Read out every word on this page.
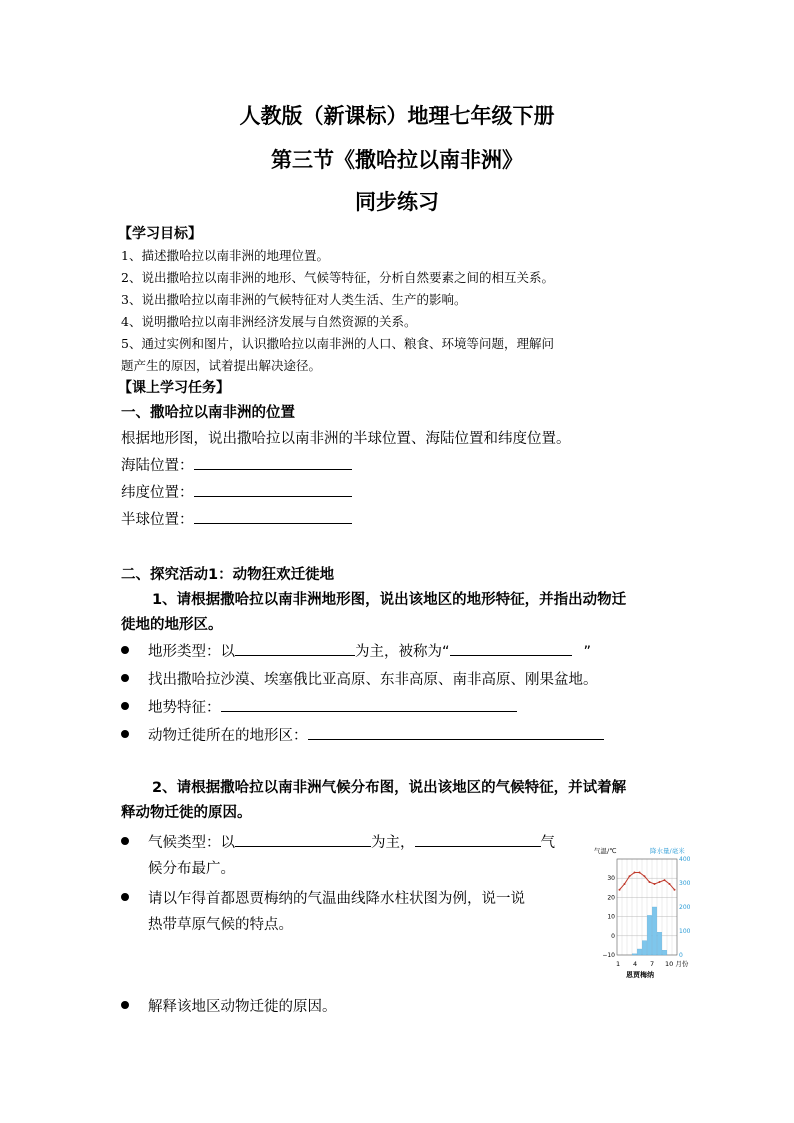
人教版（新课标）地理七年级下册
第三节《撒哈拉以南非洲》
同步练习
【学习目标】
1、描述撒哈拉以南非洲的地理位置。
2、说出撒哈拉以南非洲的地形、气候等特征，分析自然要素之间的相互关系。
3、说出撒哈拉以南非洲的气候特征对人类生活、生产的影响。
4、说明撒哈拉以南非洲经济发展与自然资源的关系。
5、通过实例和图片，认识撒哈拉以南非洲的人口、粮食、环境等问题，理解问
题产生的原因，试着提出解决途径。
【课上学习任务】
一、撒哈拉以南非洲的位置
根据地形图，说出撒哈拉以南非洲的半球位置、海陆位置和纬度位置。
海陆位置：
纬度位置：
半球位置：
二、探究活动1：动物狂欢迁徙地
1、请根据撒哈拉以南非洲地形图，说出该地区的地形特征，并指出动物迁
徙地的地形区。
地形类型：以	为主，被称为“	”
找出撒哈拉沙漠、埃塞俄比亚高原、东非高原、南非高原、刚果盆地。
地势特征：
动物迁徙所在的地形区：
2、请根据撒哈拉以南非洲气候分布图，说出该地区的气候特征，并试着解
释动物迁徙的原因。
气候类型：以	为主，	气
候分布最广。
请以乍得首都恩贾梅纳的气温曲线降水柱状图为例，说一说
热带草原气候的特点。
解释该地区动物迁徙的原因。
气温/℃	降水量/毫米
30
20
10
0
−10
400
300
200
100
0
1 4 7 10 月份
恩贾梅纳
